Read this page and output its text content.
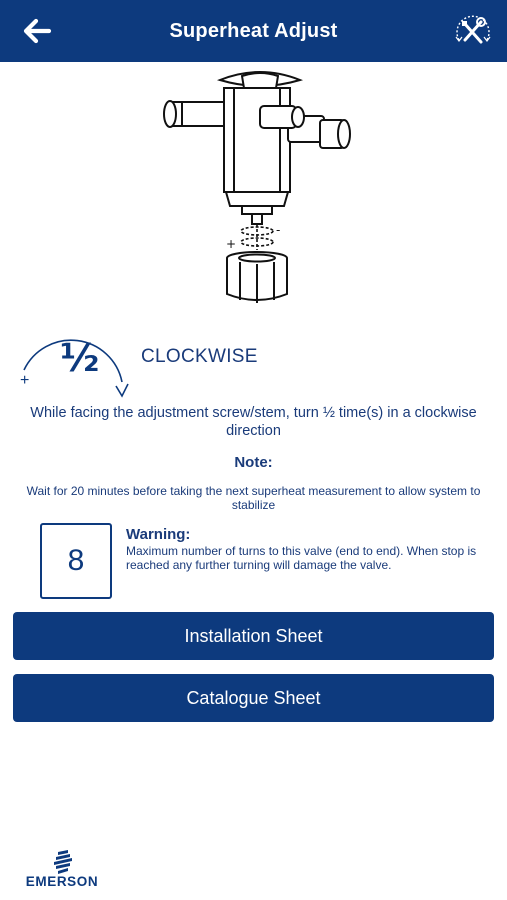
Superheat Adjust
-
+
+
½ CLOCKWISE
While facing the adjustment screw/stem, turn ½ time(s) in a clockwise direction
Note:
Wait for 20 minutes before taking the next superheat measurement to allow system to stabilize
8
Warning:
Maximum number of turns to this valve (end to end). When stop is reached any further turning will damage the valve.
Installation Sheet
Catalogue Sheet
EMERSON
